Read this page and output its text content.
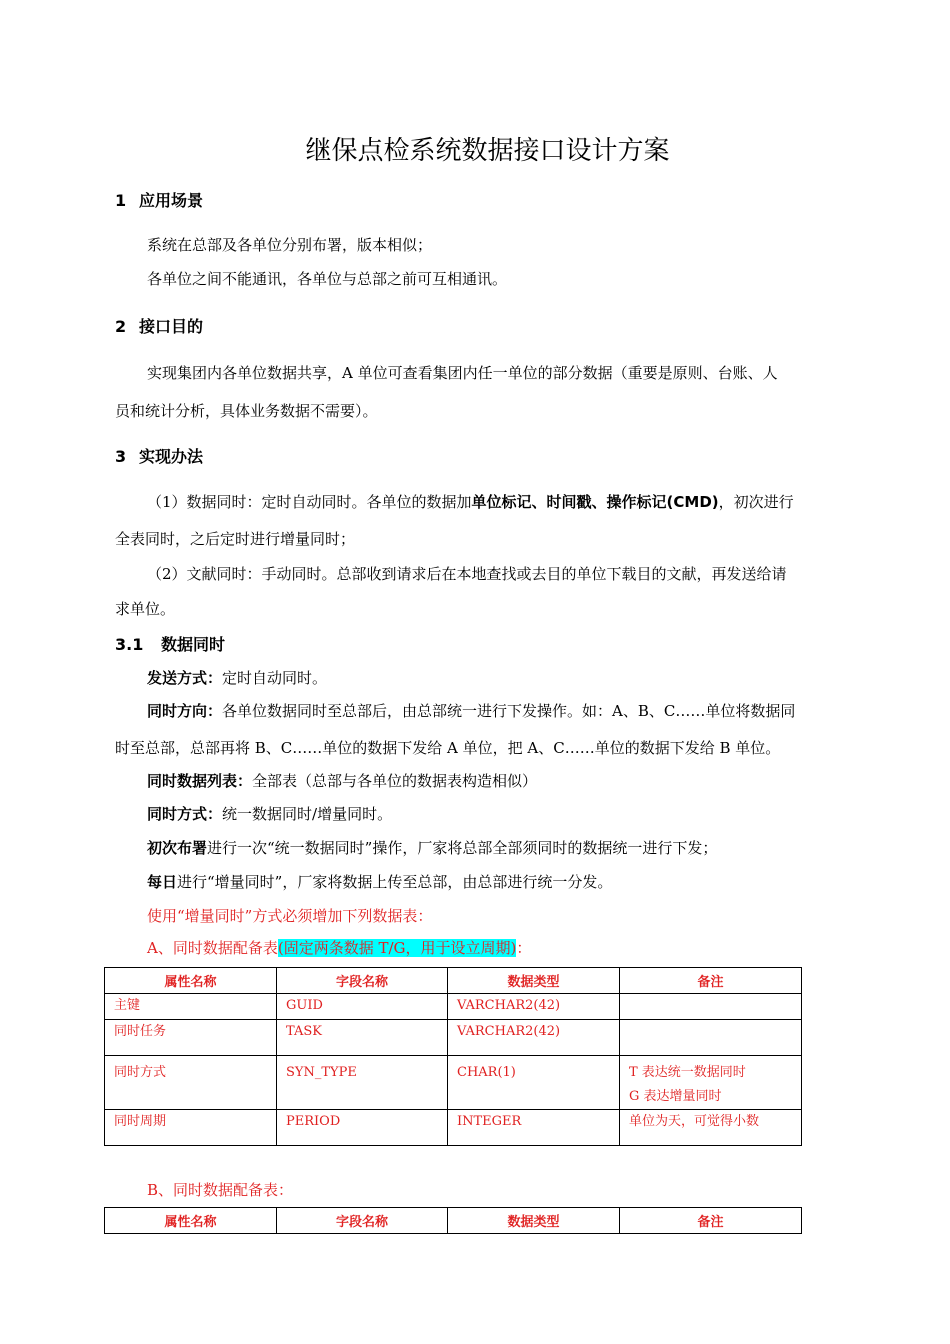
继保点检系统数据接口设计方案
1 应用场景
系统在总部及各单位分别布署，版本相似；
各单位之间不能通讯，各单位与总部之前可互相通讯。
2 接口目的
实现集团内各单位数据共享，A 单位可查看集团内任一单位的部分数据（重要是原则、台账、人
员和统计分析，具体业务数据不需要）。
3 实现办法
（1）数据同时：定时自动同时。各单位的数据加单位标记、时间戳、操作标记(CMD)，初次进行
全表同时，之后定时进行增量同时；
（2）文献同时：手动同时。总部收到请求后在本地查找或去目的单位下载目的文献，再发送给请
求单位。
3.1 数据同时
发送方式：定时自动同时。
同时方向：各单位数据同时至总部后，由总部统一进行下发操作。如：A、B、C……单位将数据同
时至总部，总部再将 B、C……单位的数据下发给 A 单位，把 A、C……单位的数据下发给 B 单位。
同时数据列表：全部表（总部与各单位的数据表构造相似）
同时方式：统一数据同时/增量同时。
初次布署进行一次“统一数据同时”操作，厂家将总部全部须同时的数据统一进行下发；
每日进行“增量同时”，厂家将数据上传至总部，由总部进行统一分发。
使用“增量同时”方式必须增加下列数据表：
A、同时数据配备表(固定两条数据 T/G，用于设立周期)：
属性名称	字段名称	数据类型	备注
主键	GUID	VARCHAR2(42)	
同时任务	TASK	VARCHAR2(42)	
同时方式	SYN_TYPE	CHAR(1)	T 表达统一数据同时
G 表达增量同时

同时周期	PERIOD	INTEGER	单位为天，可觉得小数
B、同时数据配备表：
属性名称	字段名称	数据类型	备注
